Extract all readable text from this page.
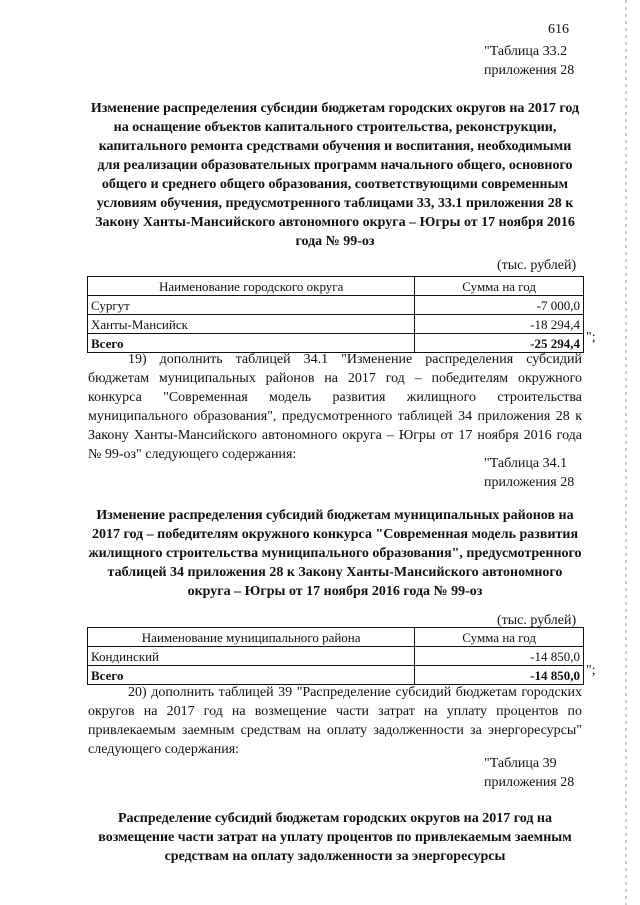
616
"Таблица 33.2
приложения 28
Изменение распределения субсидии бюджетам городских округов на 2017 год на оснащение объектов капитального строительства, реконструкции, капитального ремонта средствами обучения и воспитания, необходимыми для реализации образовательных программ начального общего, основного общего и среднего общего образования, соответствующими современным условиям обучения, предусмотренного таблицами 33, 33.1 приложения 28 к Закону Ханты-Мансийского автономного округа – Югры от 17 ноября 2016 года № 99-оз
(тыс. рублей)
Наименование городского округа	Сумма на год
Сургут	-7 000,0
Ханты-Мансийск	-18 294,4
Всего	-25 294,4 ";

19) дополнить таблицей 34.1 "Изменение распределения субсидий бюджетам муниципальных районов на 2017 год – победителям окружного конкурса "Современная модель развития жилищного строительства муниципального образования", предусмотренного таблицей 34 приложения 28 к Закону Ханты-Мансийского автономного округа – Югры от 17 ноября 2016 года № 99-оз" следующего содержания:

"Таблица 34.1
приложения 28
Изменение распределения субсидий бюджетам муниципальных районов на 2017 год – победителям окружного конкурса "Современная модель развития жилищного строительства муниципального образования", предусмотренного таблицей 34 приложения 28 к Закону Ханты-Мансийского автономного округа – Югры от 17 ноября 2016 года № 99-оз
(тыс. рублей)
Наименование муниципального района	Сумма на год
Кондинский	-14 850,0
Всего	-14 850,0 ";

20) дополнить таблицей 39 "Распределение субсидий бюджетам городских округов на 2017 год на возмещение части затрат на уплату процентов по привлекаемым заемным средствам на оплату задолженности за энергоресурсы" следующего содержания:

"Таблица 39
приложения 28
Распределение субсидий бюджетам городских округов на 2017 год на возмещение части затрат на уплату процентов по привлекаемым заемным средствам на оплату задолженности за энергоресурсы
